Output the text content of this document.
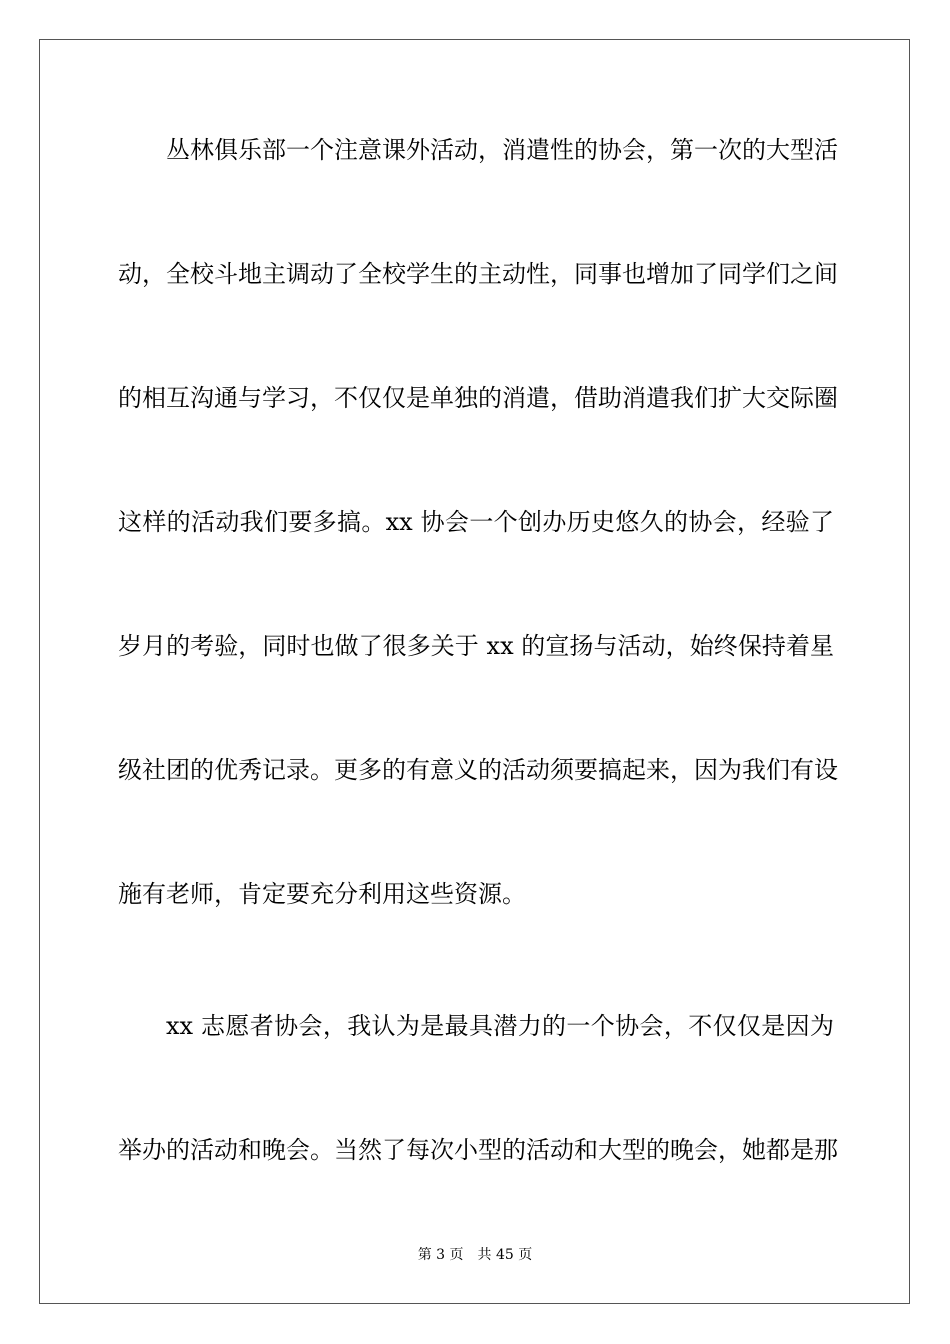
丛林俱乐部一个注意课外活动，消遣性的协会，第一次的大型活
动，全校斗地主调动了全校学生的主动性，同事也增加了同学们之间
的相互沟通与学习，不仅仅是单独的消遣，借助消遣我们扩大交际圈
这样的活动我们要多搞。xx 协会一个创办历史悠久的协会，经验了
岁月的考验，同时也做了很多关于 xx 的宣扬与活动，始终保持着星
级社团的优秀记录。更多的有意义的活动须要搞起来，因为我们有设
施有老师，肯定要充分利用这些资源。
xx 志愿者协会，我认为是最具潜力的一个协会，不仅仅是因为
举办的活动和晚会。当然了每次小型的活动和大型的晚会，她都是那
第 3 页 共 45 页
